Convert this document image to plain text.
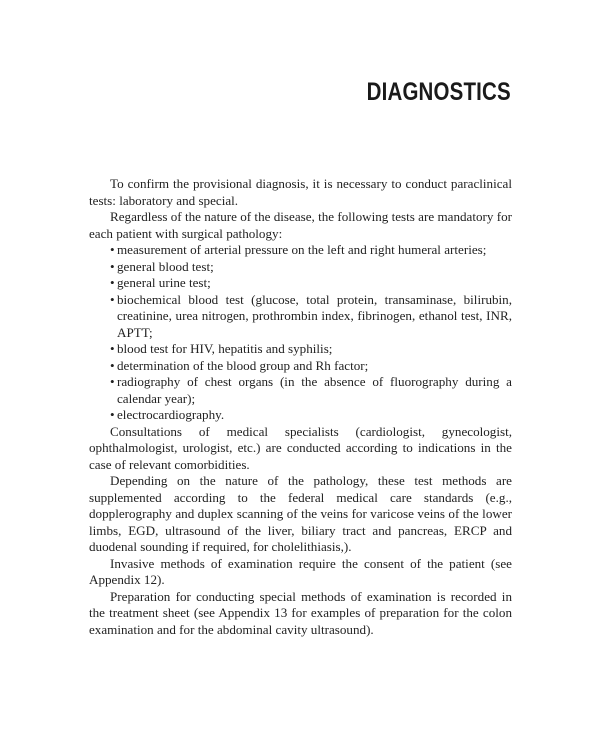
DIAGNOSTICS

To confirm the provisional diagnosis, it is necessary to conduct paraclinical tests: laboratory and special.

Regardless of the nature of the disease, the following tests are mandatory for each patient with surgical pathology:

• measurement of arterial pressure on the left and right humeral arteries;
• general blood test;
• general urine test;
• biochemical blood test (glucose, total protein, transaminase, bilirubin, creatinine, urea nitrogen, prothrombin index, fibrinogen, ethanol test, INR, APTT;
• blood test for HIV, hepatitis and syphilis;
• determination of the blood group and Rh factor;
• radiography of chest organs (in the absence of fluorography during a calendar year);
• electrocardiography.

Consultations of medical specialists (cardiologist, gynecologist, ophthalmologist, urologist, etc.) are conducted according to indications in the case of relevant comorbidities.

Depending on the nature of the pathology, these test methods are supplemented according to the federal medical care standards (e.g., dopplerography and duplex scanning of the veins for varicose veins of the lower limbs, EGD, ultrasound of the liver, biliary tract and pancreas, ERCP and duodenal sounding if required, for cholelithiasis,).

Invasive methods of examination require the consent of the patient (see Appendix 12).

Preparation for conducting special methods of examination is recorded in the treatment sheet (see Appendix 13 for examples of preparation for the colon examination and for the abdominal cavity ultrasound).
